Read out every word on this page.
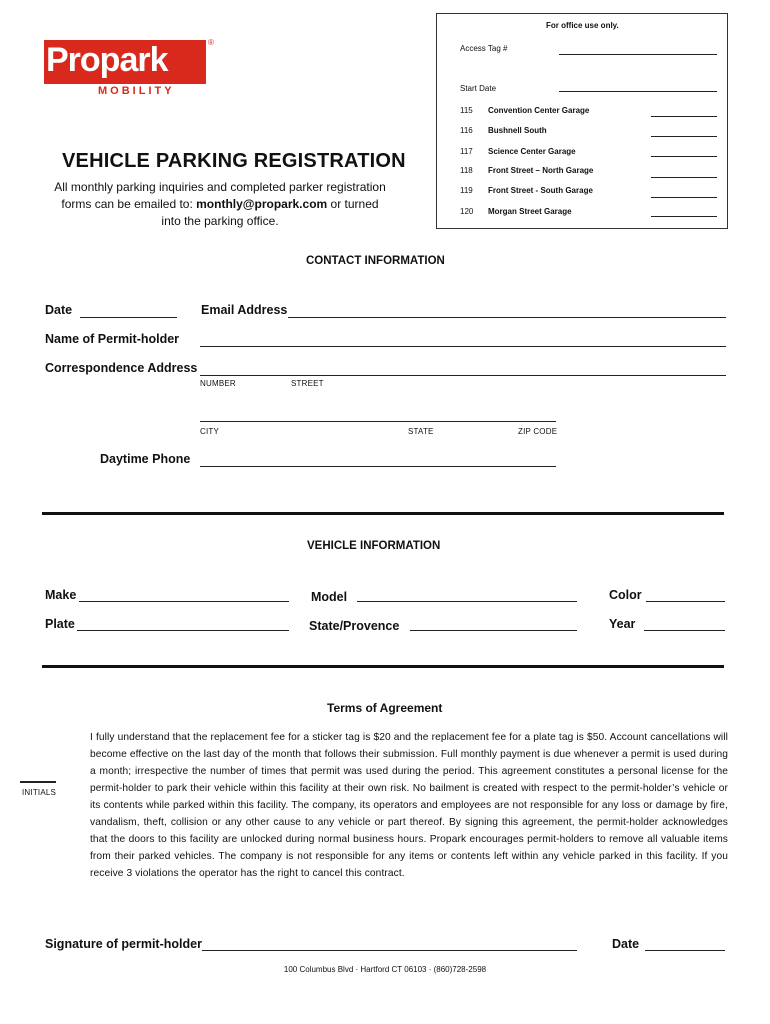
Propark	®
MOBILITY
For office use only.
Access Tag #
Start Date
115 Convention Center Garage
116 Bushnell South
117 Science Center Garage
118 Front Street – North Garage
119 Front Street - South Garage
120 Morgan Street Garage
VEHICLE PARKING REGISTRATION
All monthly parking inquiries and completed parker registration
forms can be emailed to: monthly@propark.com or turned
into the parking office.
CONTACT INFORMATION
Date	Email Address
Name of Permit-holder
Correspondence Address
NUMBER	STREET
CITY	STATE	ZIP CODE
Daytime Phone
VEHICLE INFORMATION
Make	Model	Color
Plate	State/Provence	Year
Terms of Agreement
INITIALS
I fully understand that the replacement fee for a sticker tag is $20 and the replacement fee for a plate tag is $50. Account cancellations will become effective on the last day of the month that follows their submission. Full monthly payment is due whenever a permit is used during a month; irrespective the number of times that permit was used during the period. This agreement constitutes a personal license for the permit-holder to park their vehicle within this facility at their own risk. No bailment is created with respect to the permit-holder’s vehicle or its contents while parked within this facility. The company, its operators and employees are not responsible for any loss or damage by fire, vandalism, theft, collision or any other cause to any vehicle or part thereof. By signing this agreement, the permit-holder acknowledges that the doors to this facility are unlocked during normal business hours. Propark encourages permit-holders to remove all valuable items from their parked vehicles. The company is not responsible for any items or contents left within any vehicle parked in this facility. If you receive 3 violations the operator has the right to cancel this contract.
Signature of permit-holder	Date
100 Columbus Blvd · Hartford CT 06103 · (860)728-2598
